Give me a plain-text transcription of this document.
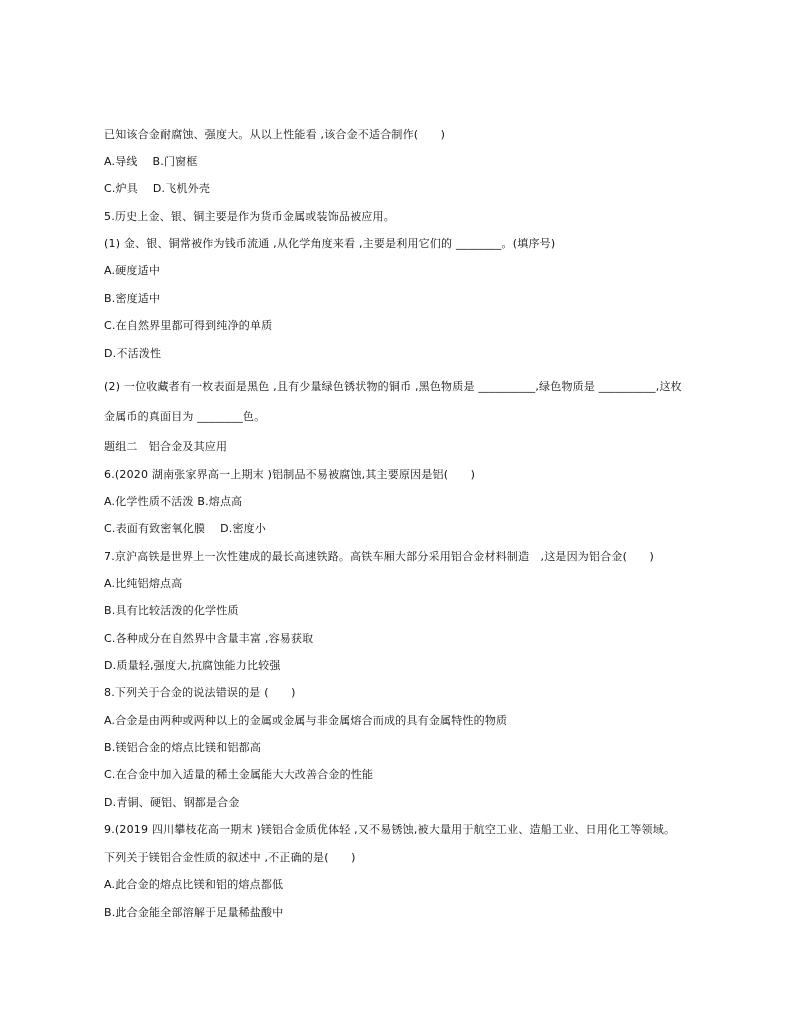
已知该合金耐腐蚀、强度大。从以上性能看 ,该合金不适合制作(　　)
A.导线　 B.门窗框
C.炉具　 D.飞机外壳
5.历史上金、银、铜主要是作为货币金属或装饰品被应用。
(1) 金、银、铜常被作为钱币流通 ,从化学角度来看 ,主要是利用它们的 ________。(填序号)
A.硬度适中
B.密度适中
C.在自然界里都可得到纯净的单质
D.不活泼性
(2) 一位收藏者有一枚表面是黑色 ,且有少量绿色锈状物的铜币 ,黑色物质是 __________,绿色物质是 __________,这枚
金属币的真面目为 ________色。
题组二　铝合金及其应用
6.(2020 湖南张家界高一上期末 )铝制品不易被腐蚀,其主要原因是铝(　　)
A.化学性质不活泼 B.熔点高
C.表面有致密氧化膜　 D.密度小
7.京沪高铁是世界上一次性建成的最长高速铁路。高铁车厢大部分采用铝合金材料制造　,这是因为铝合金(　　)
A.比纯铝熔点高
B.具有比较活泼的化学性质
C.各种成分在自然界中含量丰富 ,容易获取
D.质量轻,强度大,抗腐蚀能力比较强
8.下列关于合金的说法错误的是 (　　)
A.合金是由两种或两种以上的金属或金属与非金属熔合而成的具有金属特性的物质
B.镁铝合金的熔点比镁和铝都高
C.在合金中加入适量的稀土金属能大大改善合金的性能
D.青铜、硬铝、钢都是合金
9.(2019 四川攀枝花高一期末 )镁铝合金质优体轻 ,又不易锈蚀,被大量用于航空工业、造船工业、日用化工等领域。
下列关于镁铝合金性质的叙述中 ,不正确的是(　　)
A.此合金的熔点比镁和铝的熔点都低
B.此合金能全部溶解于足量稀盐酸中
